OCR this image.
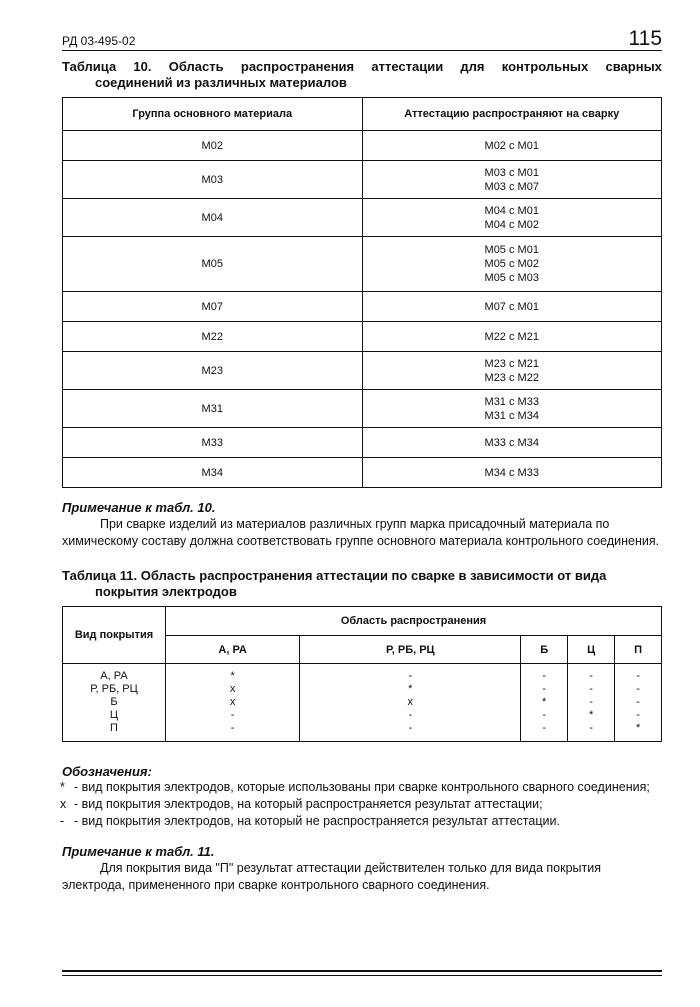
РД 03-495-02	115
Таблица 10. Область распространения аттестации для контрольных сварных
соединений из различных материалов
Группа основного материала	Аттестацию распространяют на сварку
М02	М02 с М01

М03	М03 с М01
М03 с М07

М04	М04 с М01
М04 с М02

М05	М05 с М01
М05 с М02
М05 с М03

М07	М07 с М01

М22	М22 с М21

М23	М23 с М21
М23 с М22

М31	М31 с М33
М31 с М34

М33	М33 с М34

М34	М34 с М33
Примечание к табл. 10.
При сварке изделий из материалов различных групп марка присадочный материала по химическому составу должна соответствовать группе основного материала контрольного соединения.
Таблица 11. Область распространения аттестации по сварке в зависимости от вида
покрытия электродов
Вид покрытия	Область распространения				
	А, РА	Р, РБ, РЦ	Б	Ц	П
А, РА	*	-	-	-	-
Р, РБ, РЦ	х	*	-	-	-
Б	х	х	*	-	-
Ц	-	-	-	*	-
П	-	-	-	-	*
Обозначения:
* - вид покрытия электродов, которые использованы при сварке контрольного сварного соединения;
х - вид покрытия электродов, на который распространяется результат аттестации;
- - вид покрытия электродов, на который не распространяется результат аттестации.
Примечание к табл. 11.
Для покрытия вида "П" результат аттестации действителен только для вида покрытия электрода, примененного при сварке контрольного сварного соединения.
